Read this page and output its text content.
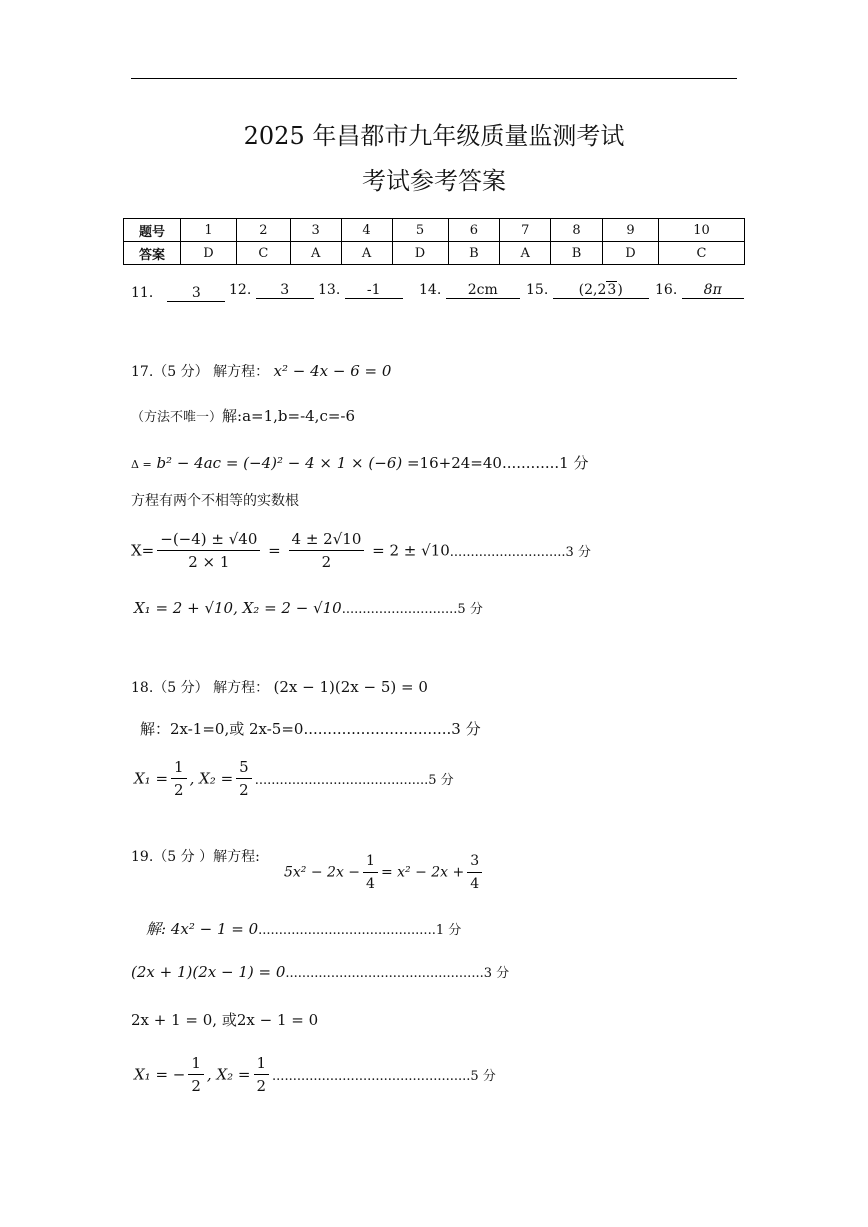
2025 年昌都市九年级质量监测考试
考试参考答案
题号	1	2	3	4	5	6	7	8	9	10
答案	D	C	A	A	D	B	A	B	D	C
11． 3	12. 3	13. -1	14. 2cm	15. (2,23)	16. 8π
17.（5 分） 解方程： x² − 4x − 6 = 0
（方法不唯一）解:a=1,b=-4,c=-6
Δ = b² − 4ac = (−4)² − 4 × 1 × (−6) =16+24=40............1 分
方程有两个不相等的实数根
$X= \frac{-(-4) \pm √40}{2 \times 1} = \frac{4 \pm 2√10}{2} = 2 \pm √10............................3$ 分
X₁ = 2 + √10, X₂ = 2 − √10............................5 分
18.（5 分） 解方程： (2x − 1)(2x − 5) = 0
解：2x-1=0,或 2x-5=0...............................3 分
$X_1 = \frac{1}{2}$ , $X_2 = \frac{5}{2} ..........................................5$ 分
19.（5 分 ）解方程:
$5x^2 - 2x - \frac{1}{4} = x^2 - 2x + \frac{3}{4}$
解: 4x² − 1 = 0...........................................1 分
(2x + 1)(2x − 1) = 0................................................3 分
2x + 1 = 0, 或2x − 1 = 0
X₁ = − $\frac{1}{2}$ , $X_2 = \frac{1}{2} ................................................5$ 分
